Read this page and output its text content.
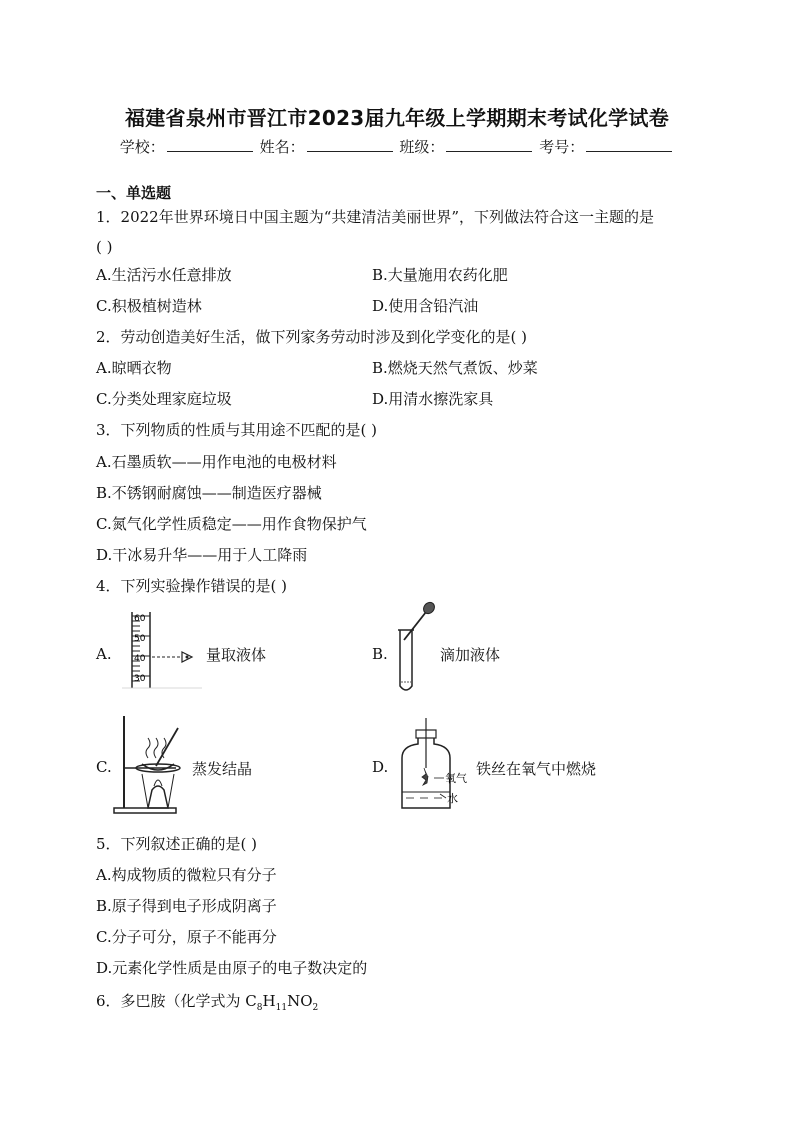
福建省泉州市晋江市2023届九年级上学期期末考试化学试卷
学校：	姓名：	班级：	考号：
一、单选题
1．2022年世界环境日中国主题为“共建清洁美丽世界”，下列做法符合这一主题的是
( )
A.生活污水任意排放	B.大量施用农药化肥
C.积极植树造林	D.使用含铅汽油
2．劳动创造美好生活，做下列家务劳动时涉及到化学变化的是( )
A.晾晒衣物	B.燃烧天然气煮饭、炒菜
C.分类处理家庭垃圾	D.用清水擦洗家具
3．下列物质的性质与其用途不匹配的是( )
A.石墨质软——用作电池的电极材料
B.不锈钢耐腐蚀——制造医疗器械
C.氮气化学性质稳定——用作食物保护气
D.干冰易升华——用于人工降雨
4．下列实验操作错误的是( )
A.
60
50
40
30
量取液体	B.	滴加液体
C.	蒸发结晶	D.
氧气
水
铁丝在氧气中燃烧
5．下列叙述正确的是( )
A.构成物质的微粒只有分子
B.原子得到电子形成阴离子
C.分子可分，原子不能再分
D.元素化学性质是由原子的电子数决定的
6．多巴胺（化学式为 $C_8H_{11}NO_2$
